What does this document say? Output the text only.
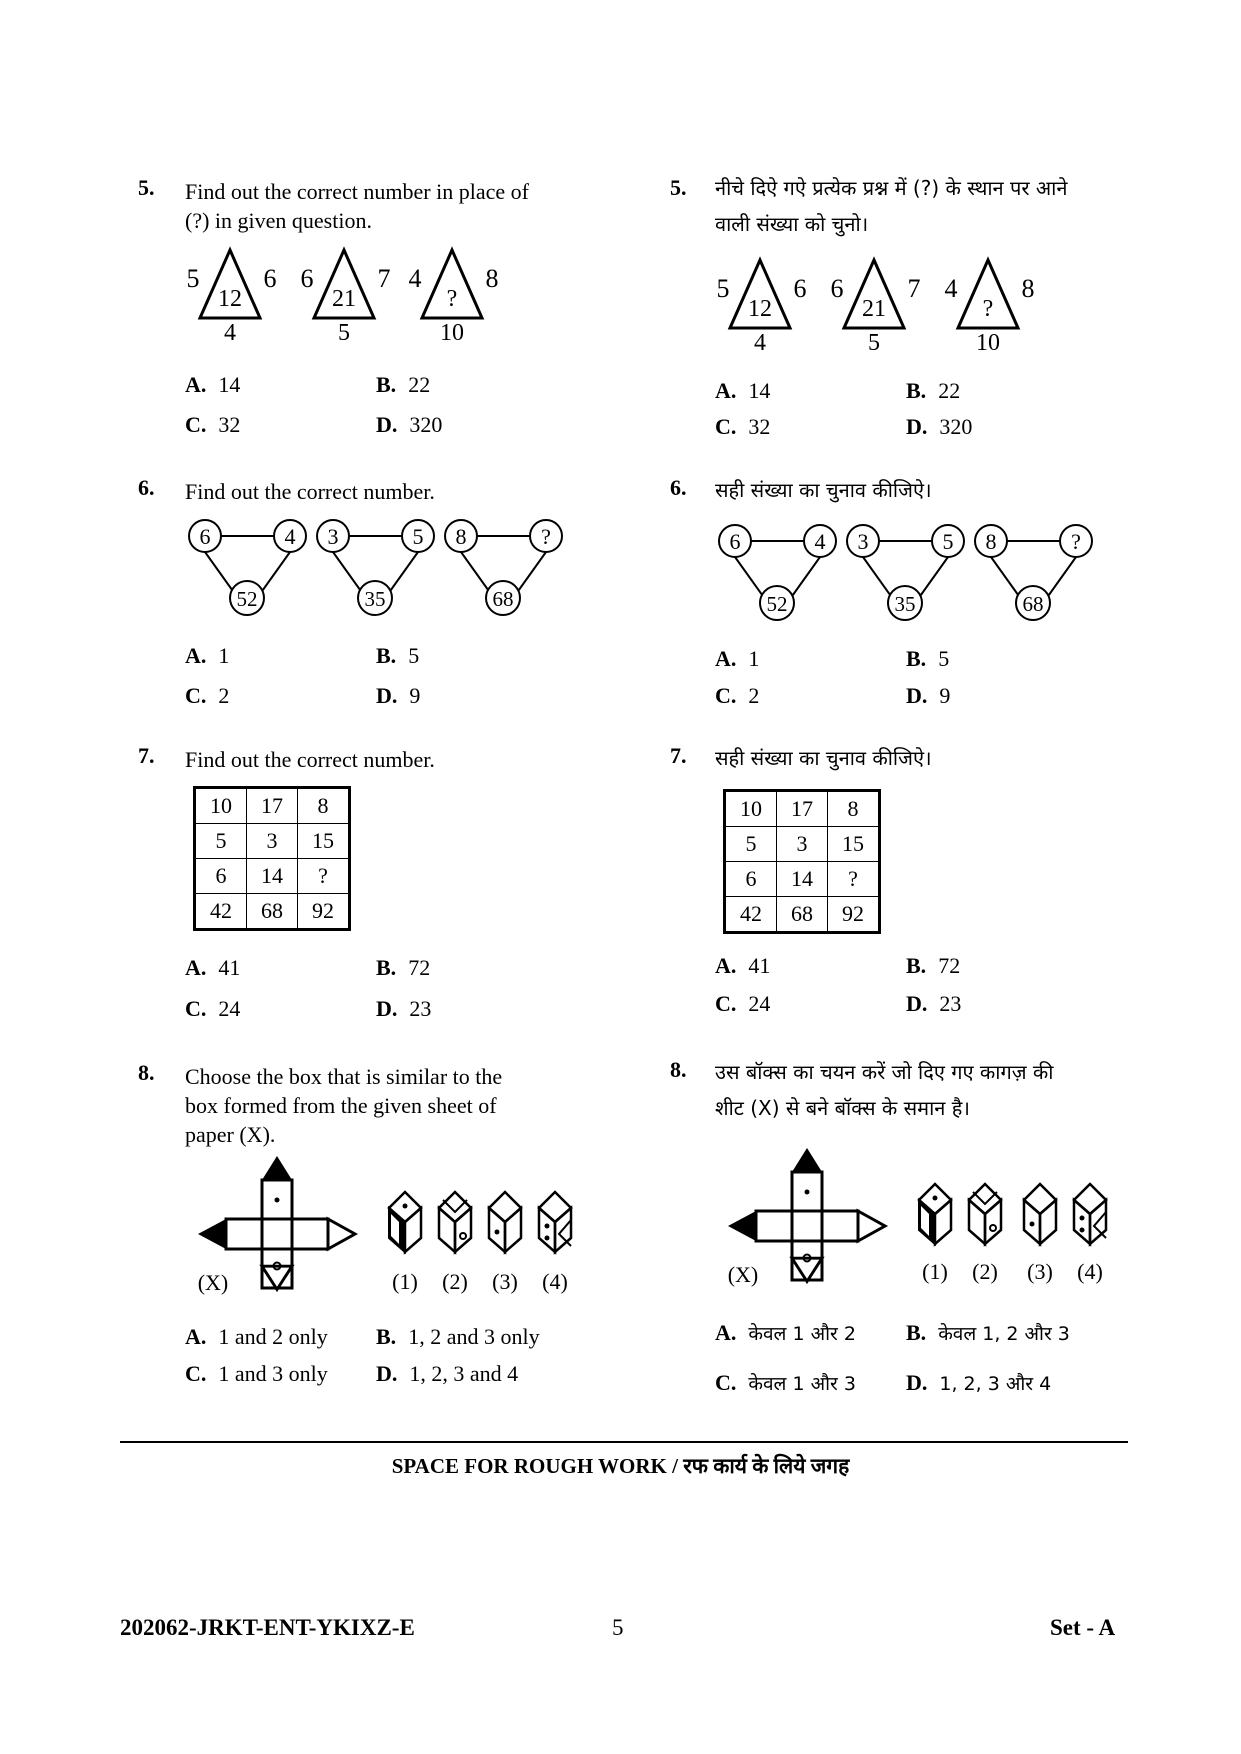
5. Find out the correct number in place of
(?) in given question.
5 6
12
4
6 7
21
5
4 8
?
10
A. 14	B. 22
C. 32	D. 320
6. Find out the correct number.
6	4
52
3	5
35
8	?
68
A. 1	B. 5
C. 2	D. 9
7. Find out the correct number.
10	17	8
5	3	15
6	14	?
42	68	92
A. 41	B. 72
C. 24	D. 23
8. Choose the box that is similar to the
box formed from the given sheet of
paper (X).
(X)	(1) (2) (3) (4)
A. 1 and 2 only B. 1, 2 and 3 only
C. 1 and 3 only D. 1, 2, 3 and 4
5. नीचे दिऐ गऐ प्रत्येक प्रश्न में (?) के स्थान पर आने
वाली संख्या को चुनो।
5 6
12
4
6 7
21
5
4 8
?
10
A. 14	B. 22
C. 32	D. 320
6. सही संख्या का चुनाव कीजिऐ।
6	4
52
3	5
35
8	?
68
A. 1	B. 5
C. 2	D. 9
7. सही संख्या का चुनाव कीजिऐ।
10	17	8
5	3	15
6	14	?
42	68	92
A. 41	B. 72
C. 24	D. 23
8. उस बॉक्स का चयन करें जो दिए गए कागज़ की
शीट (X) से बने बॉक्स के समान है।
(X)	(1) (2) (3) (4)
A. केवल 1 और 2 B. केवल 1, 2 और 3
C. केवल 1 और 3 D. 1, 2, 3 और 4
SPACE FOR ROUGH WORK / रफ कार्य के लिये जगह
202062-JRKT-ENT-YKIXZ-E	5	Set - A
